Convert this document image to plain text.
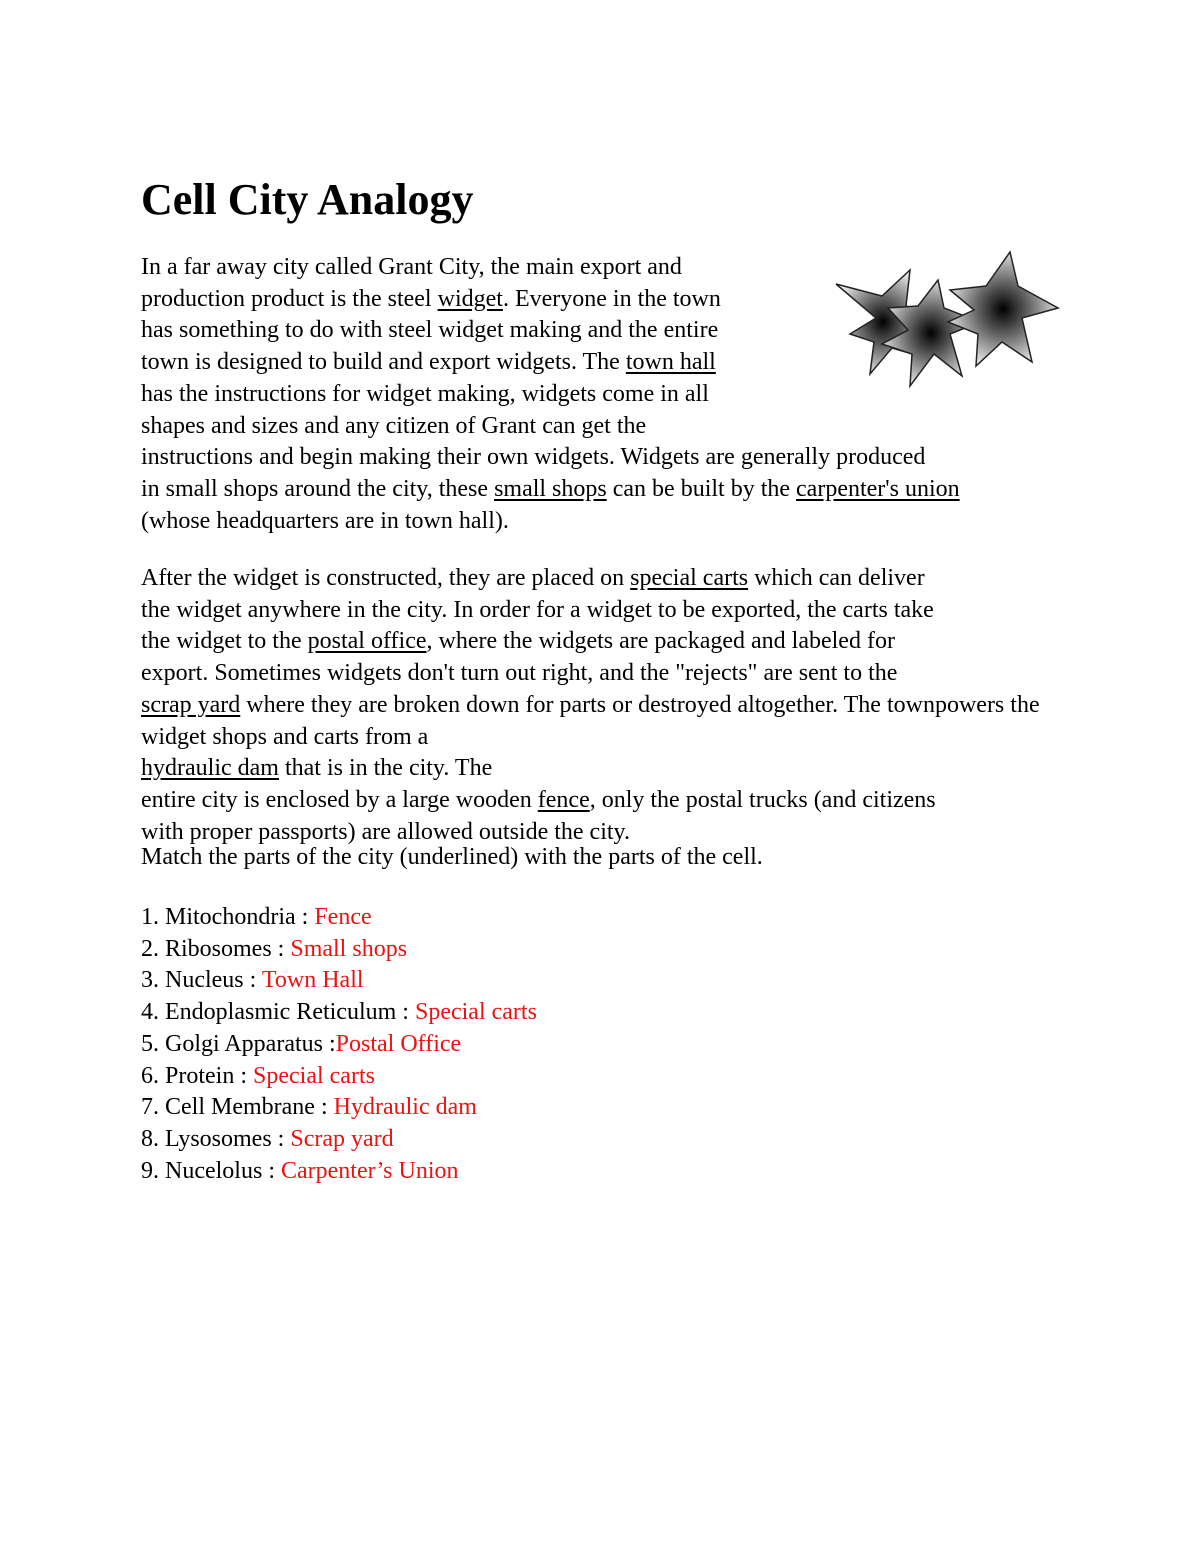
Cell City Analogy

In a far away city called Grant City, the main export and
production product is the steel widget. Everyone in the town
has something to do with steel widget making and the entire
town is designed to build and export widgets. The town hall
has the instructions for widget making, widgets come in all
shapes and sizes and any citizen of Grant can get the
instructions and begin making their own widgets. Widgets are generally produced
in small shops around the city, these small shops can be built by the carpenter's union
(whose headquarters are in town hall).

After the widget is constructed, they are placed on special carts which can deliver
the widget anywhere in the city. In order for a widget to be exported, the carts take
the widget to the postal office, where the widgets are packaged and labeled for
export. Sometimes widgets don't turn out right, and the "rejects" are sent to the
scrap yard where they are broken down for parts or destroyed altogether. The townpowers the widget shops and carts from a
hydraulic dam that is in the city. The
entire city is enclosed by a large wooden fence, only the postal trucks (and citizens
with proper passports) are allowed outside the city.

Match the parts of the city (underlined) with the parts of the cell.

1. Mitochondria : Fence
2. Ribosomes : Small shops
3. Nucleus : Town Hall
4. Endoplasmic Reticulum : Special carts
5. Golgi Apparatus :Postal Office
6. Protein : Special carts
7. Cell Membrane : Hydraulic dam
8. Lysosomes : Scrap yard
9. Nucelolus : Carpenter’s Union
